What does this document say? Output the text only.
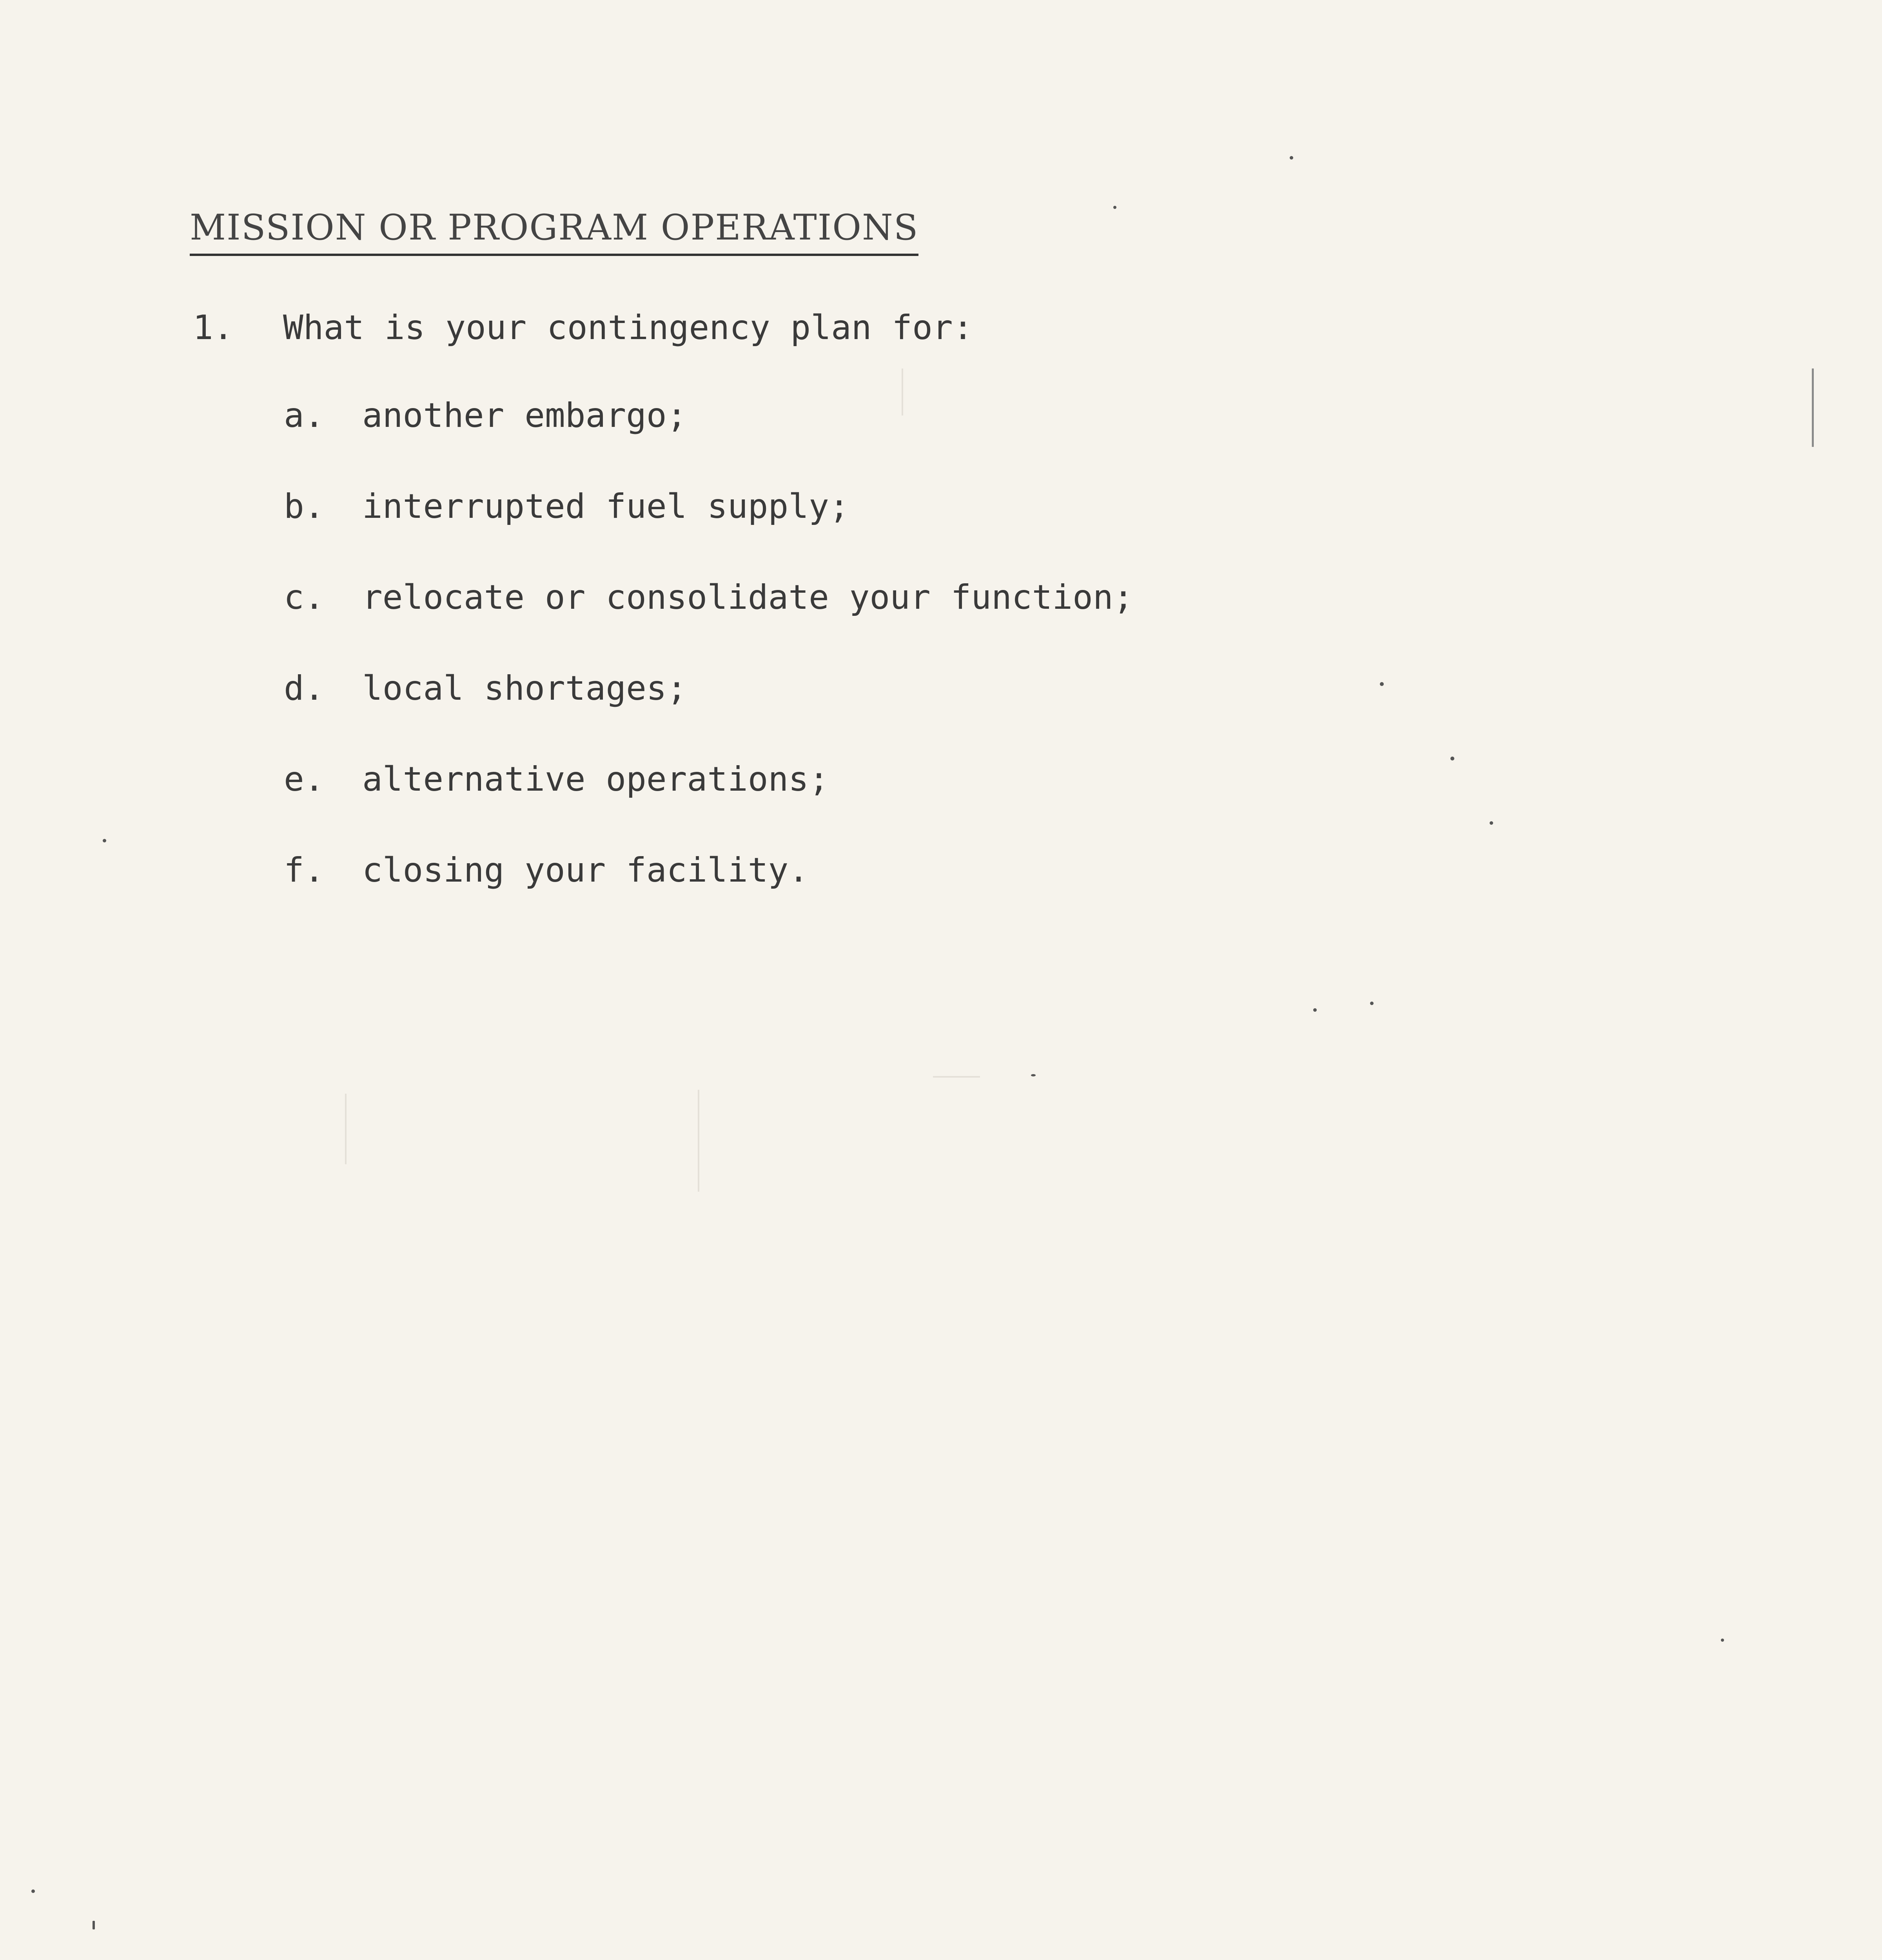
MISSION OR PROGRAM OPERATIONS
1. What is your contingency plan for:
a. another embargo;
b. interrupted fuel supply;
c. relocate or consolidate your function;
d. local shortages;
e. alternative operations;
f. closing your facility.
